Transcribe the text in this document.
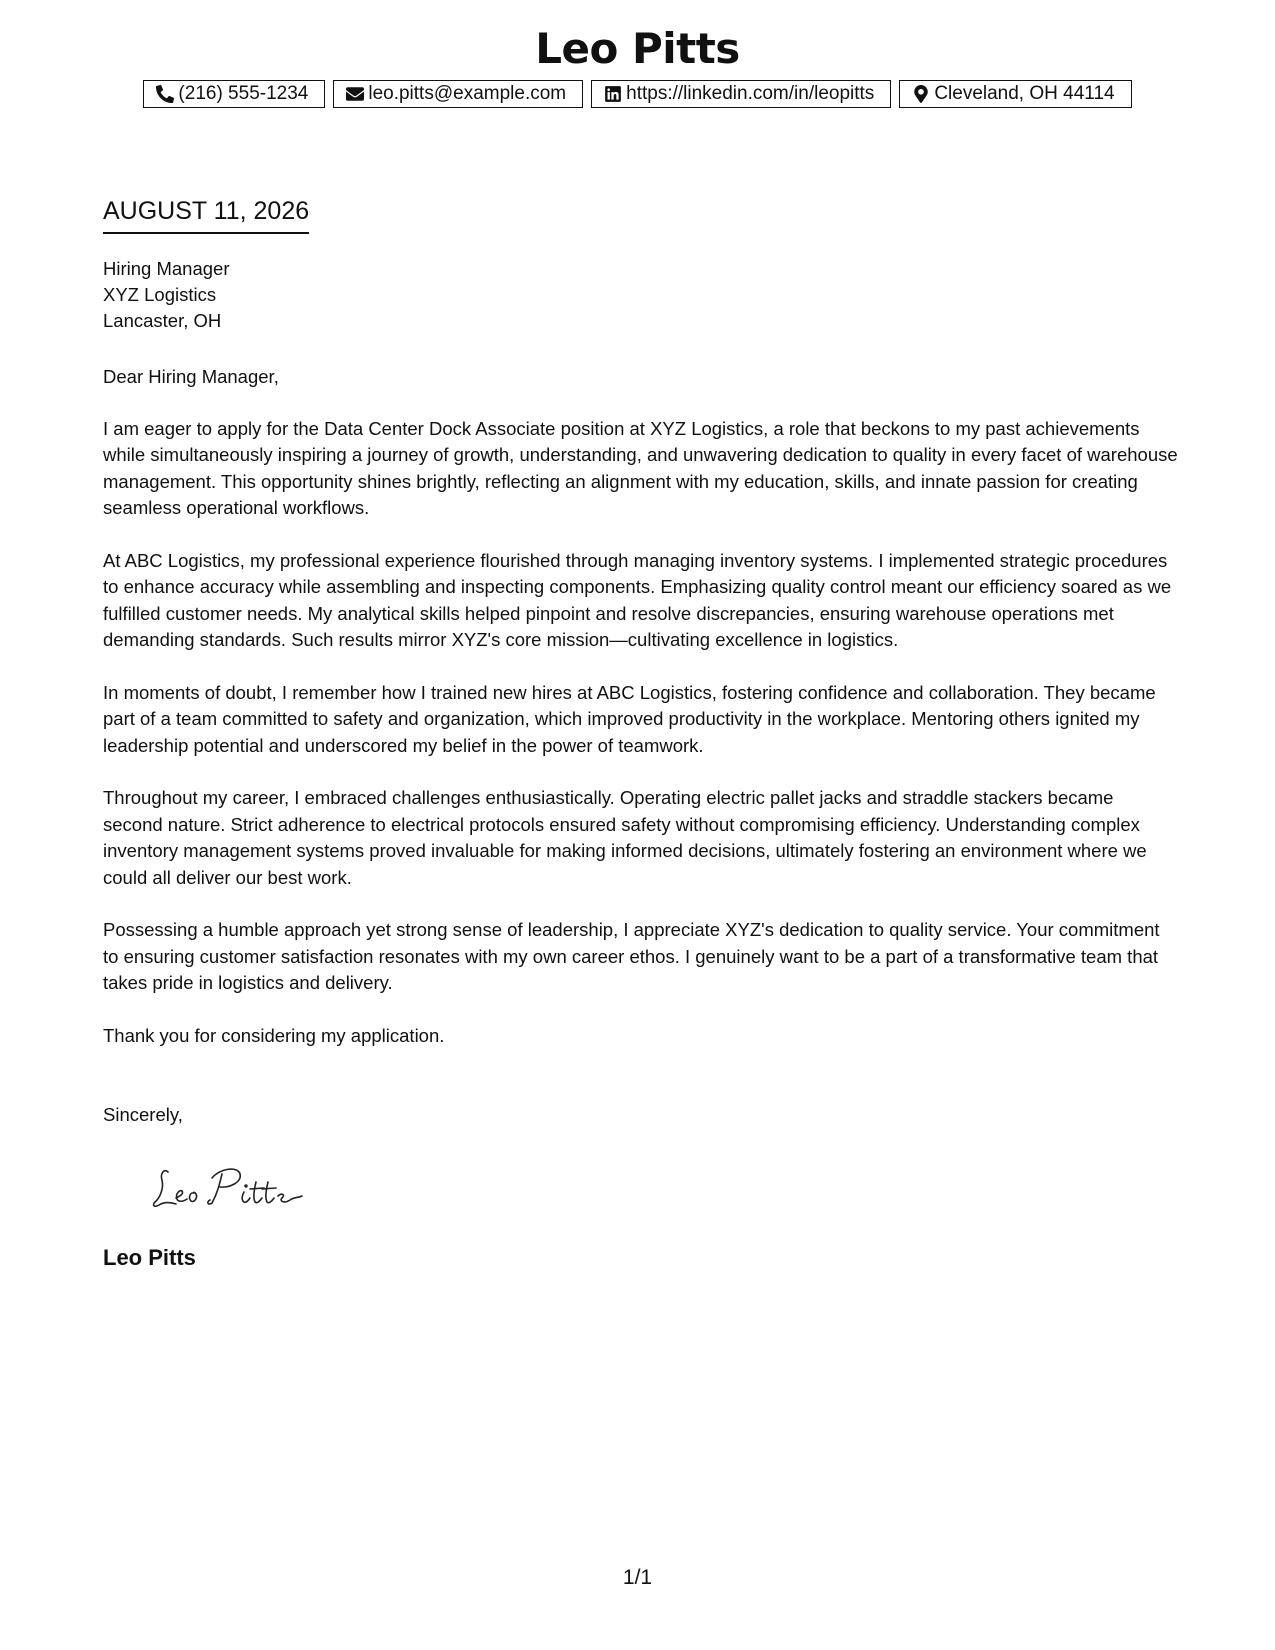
Leo Pitts
(216) 555-1234	leo.pitts@example.com	https://linkedin.com/in/leopitts	Cleveland, OH 44114
AUGUST 11, 2026
Hiring Manager
XYZ Logistics
Lancaster, OH

Dear Hiring Manager,

I am eager to apply for the Data Center Dock Associate position at XYZ Logistics, a role that beckons to my past achievements while simultaneously inspiring a journey of growth, understanding, and unwavering dedication to quality in every facet of warehouse management. This opportunity shines brightly, reflecting an alignment with my education, skills, and innate passion for creating seamless operational workflows.

At ABC Logistics, my professional experience flourished through managing inventory systems. I implemented strategic procedures to enhance accuracy while assembling and inspecting components. Emphasizing quality control meant our efficiency soared as we fulfilled customer needs. My analytical skills helped pinpoint and resolve discrepancies, ensuring warehouse operations met demanding standards. Such results mirror XYZ's core mission—cultivating excellence in logistics.

In moments of doubt, I remember how I trained new hires at ABC Logistics, fostering confidence and collaboration. They became part of a team committed to safety and organization, which improved productivity in the workplace. Mentoring others ignited my leadership potential and underscored my belief in the power of teamwork.

Throughout my career, I embraced challenges enthusiastically. Operating electric pallet jacks and straddle stackers became second nature. Strict adherence to electrical protocols ensured safety without compromising efficiency. Understanding complex inventory management systems proved invaluable for making informed decisions, ultimately fostering an environment where we could all deliver our best work.

Possessing a humble approach yet strong sense of leadership, I appreciate XYZ's dedication to quality service. Your commitment to ensuring customer satisfaction resonates with my own career ethos. I genuinely want to be a part of a transformative team that takes pride in logistics and delivery.

Thank you for considering my application.

Sincerely,
Leo Pitts
1/1
